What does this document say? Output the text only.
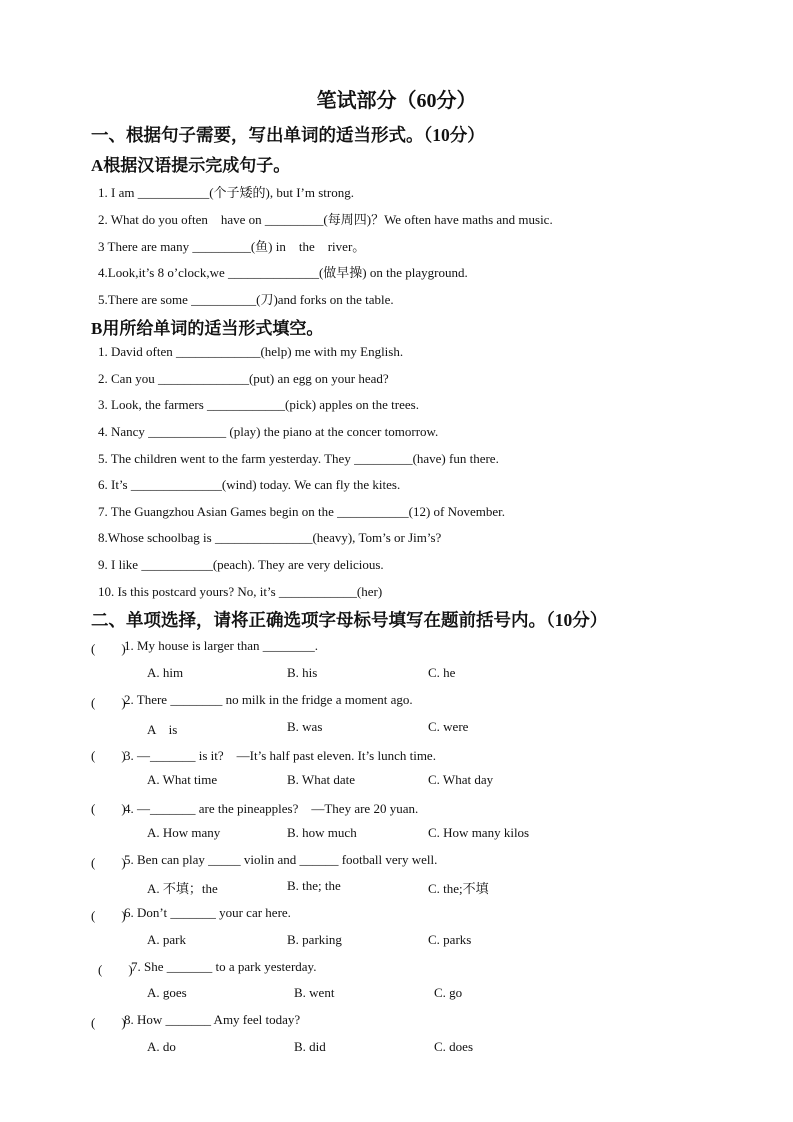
笔试部分（60分）
一、根据句子需要，写出单词的适当形式。（10分）
A根据汉语提示完成句子。
1. I am ___________(个子矮的), but I’m strong.
2. What do you often　have on _________(每周四)？We often have maths and music.
3 There are many _________(鱼) in　the　river。
4.Look,it’s 8 o’clock,we ______________(做早操) on the playground.
5.There are some __________(刀)and forks on the table.
B用所给单词的适当形式填空。
1. David often _____________(help) me with my English.
2. Can you ______________(put) an egg on your head?
3. Look, the farmers ____________(pick) apples on the trees.
4. Nancy ____________ (play) the piano at the concer tomorrow.
5. The children went to the farm yesterday. They _________(have) fun there.
6. It’s ______________(wind) today. We can fly the kites.
7. The Guangzhou Asian Games begin on the ___________(12) of November.
8.Whose schoolbag is _______________(heavy), Tom’s or Jim’s?
9. I like ___________(peach). They are very delicious.
10. Is this postcard yours? No, it’s ____________(her)
二、单项选择，请将正确选项字母标号填写在题前括号内。（10分）
(　　)
1. My house is larger than ________.
A. him	B. his	C. he
(　　)
2. There ________ no milk in the fridge a moment ago.
A　is	B. was	C. were
(　　)
3. —_______ is it?　—It’s half past eleven. It’s lunch time.
A. What time	B. What date	C. What day
(　　)
4. —_______ are the pineapples?　—They are 20 yuan.
A. How many	B. how much	C. How many kilos
(　　)
5. Ben can play _____ violin and ______ football very well.
A. 不填；the	B. the; the	C. the;不填
(　　)
6. Don’t _______ your car here.
A. park	B. parking	C. parks
(　　)
7. She _______ to a park yesterday.
A. goes	B. went	C. go
(　　)
8. How _______ Amy feel today?
A. do	B. did	C. does
